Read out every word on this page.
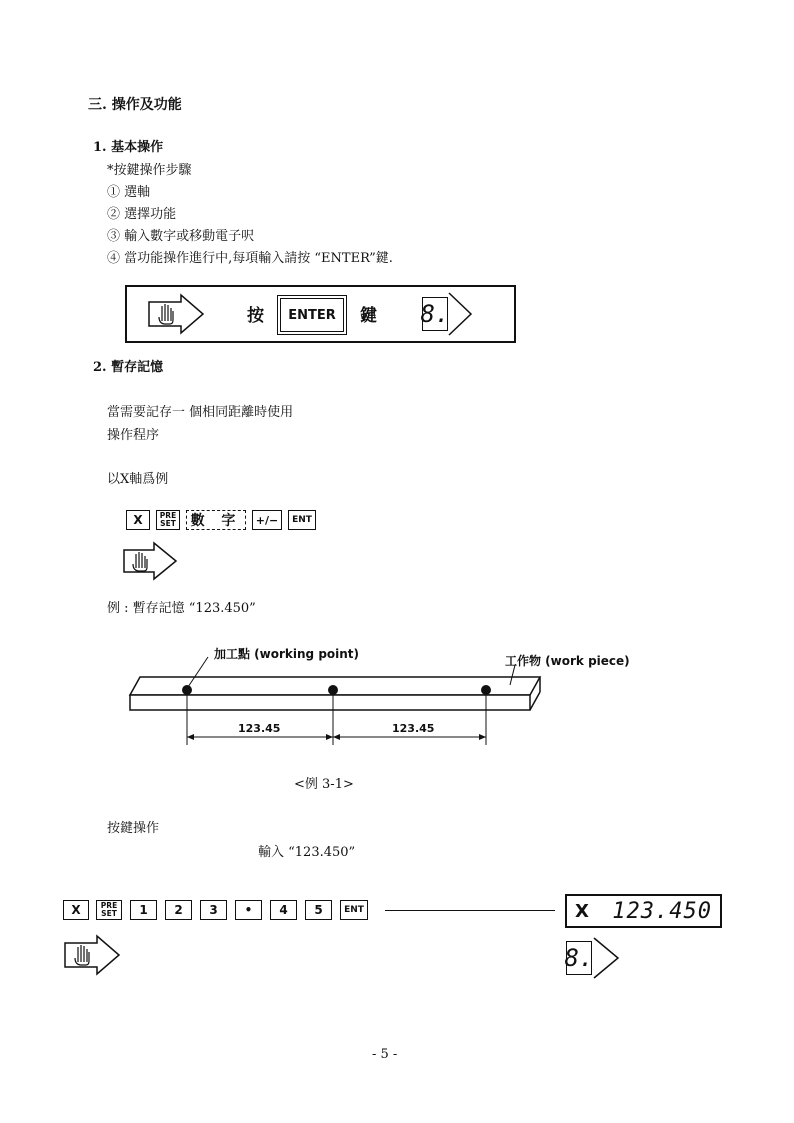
三. 操作及功能
1. 基本操作
*按鍵操作步驟
① 選軸
② 選擇功能
③ 輸入數字或移動電子呎
④ 當功能操作進行中,每項輸入請按 “ENTER”鍵.
按	ENTER	鍵 8.
2. 暫存記憶
當需要記存一 個相同距離時使用
操作程序
以X軸爲例
X	PRE
SET	數 字	+/−	ENT
例 : 暫存記憶 “123.450”
加工點 (working point)	工作物 (work piece)
123.45	123.45
<例 3-1>
按鍵操作
輸入 “123.450”
X	PRE
SET	1	2	3	•	4	5	ENT	X 123.450
8.
- 5 -
